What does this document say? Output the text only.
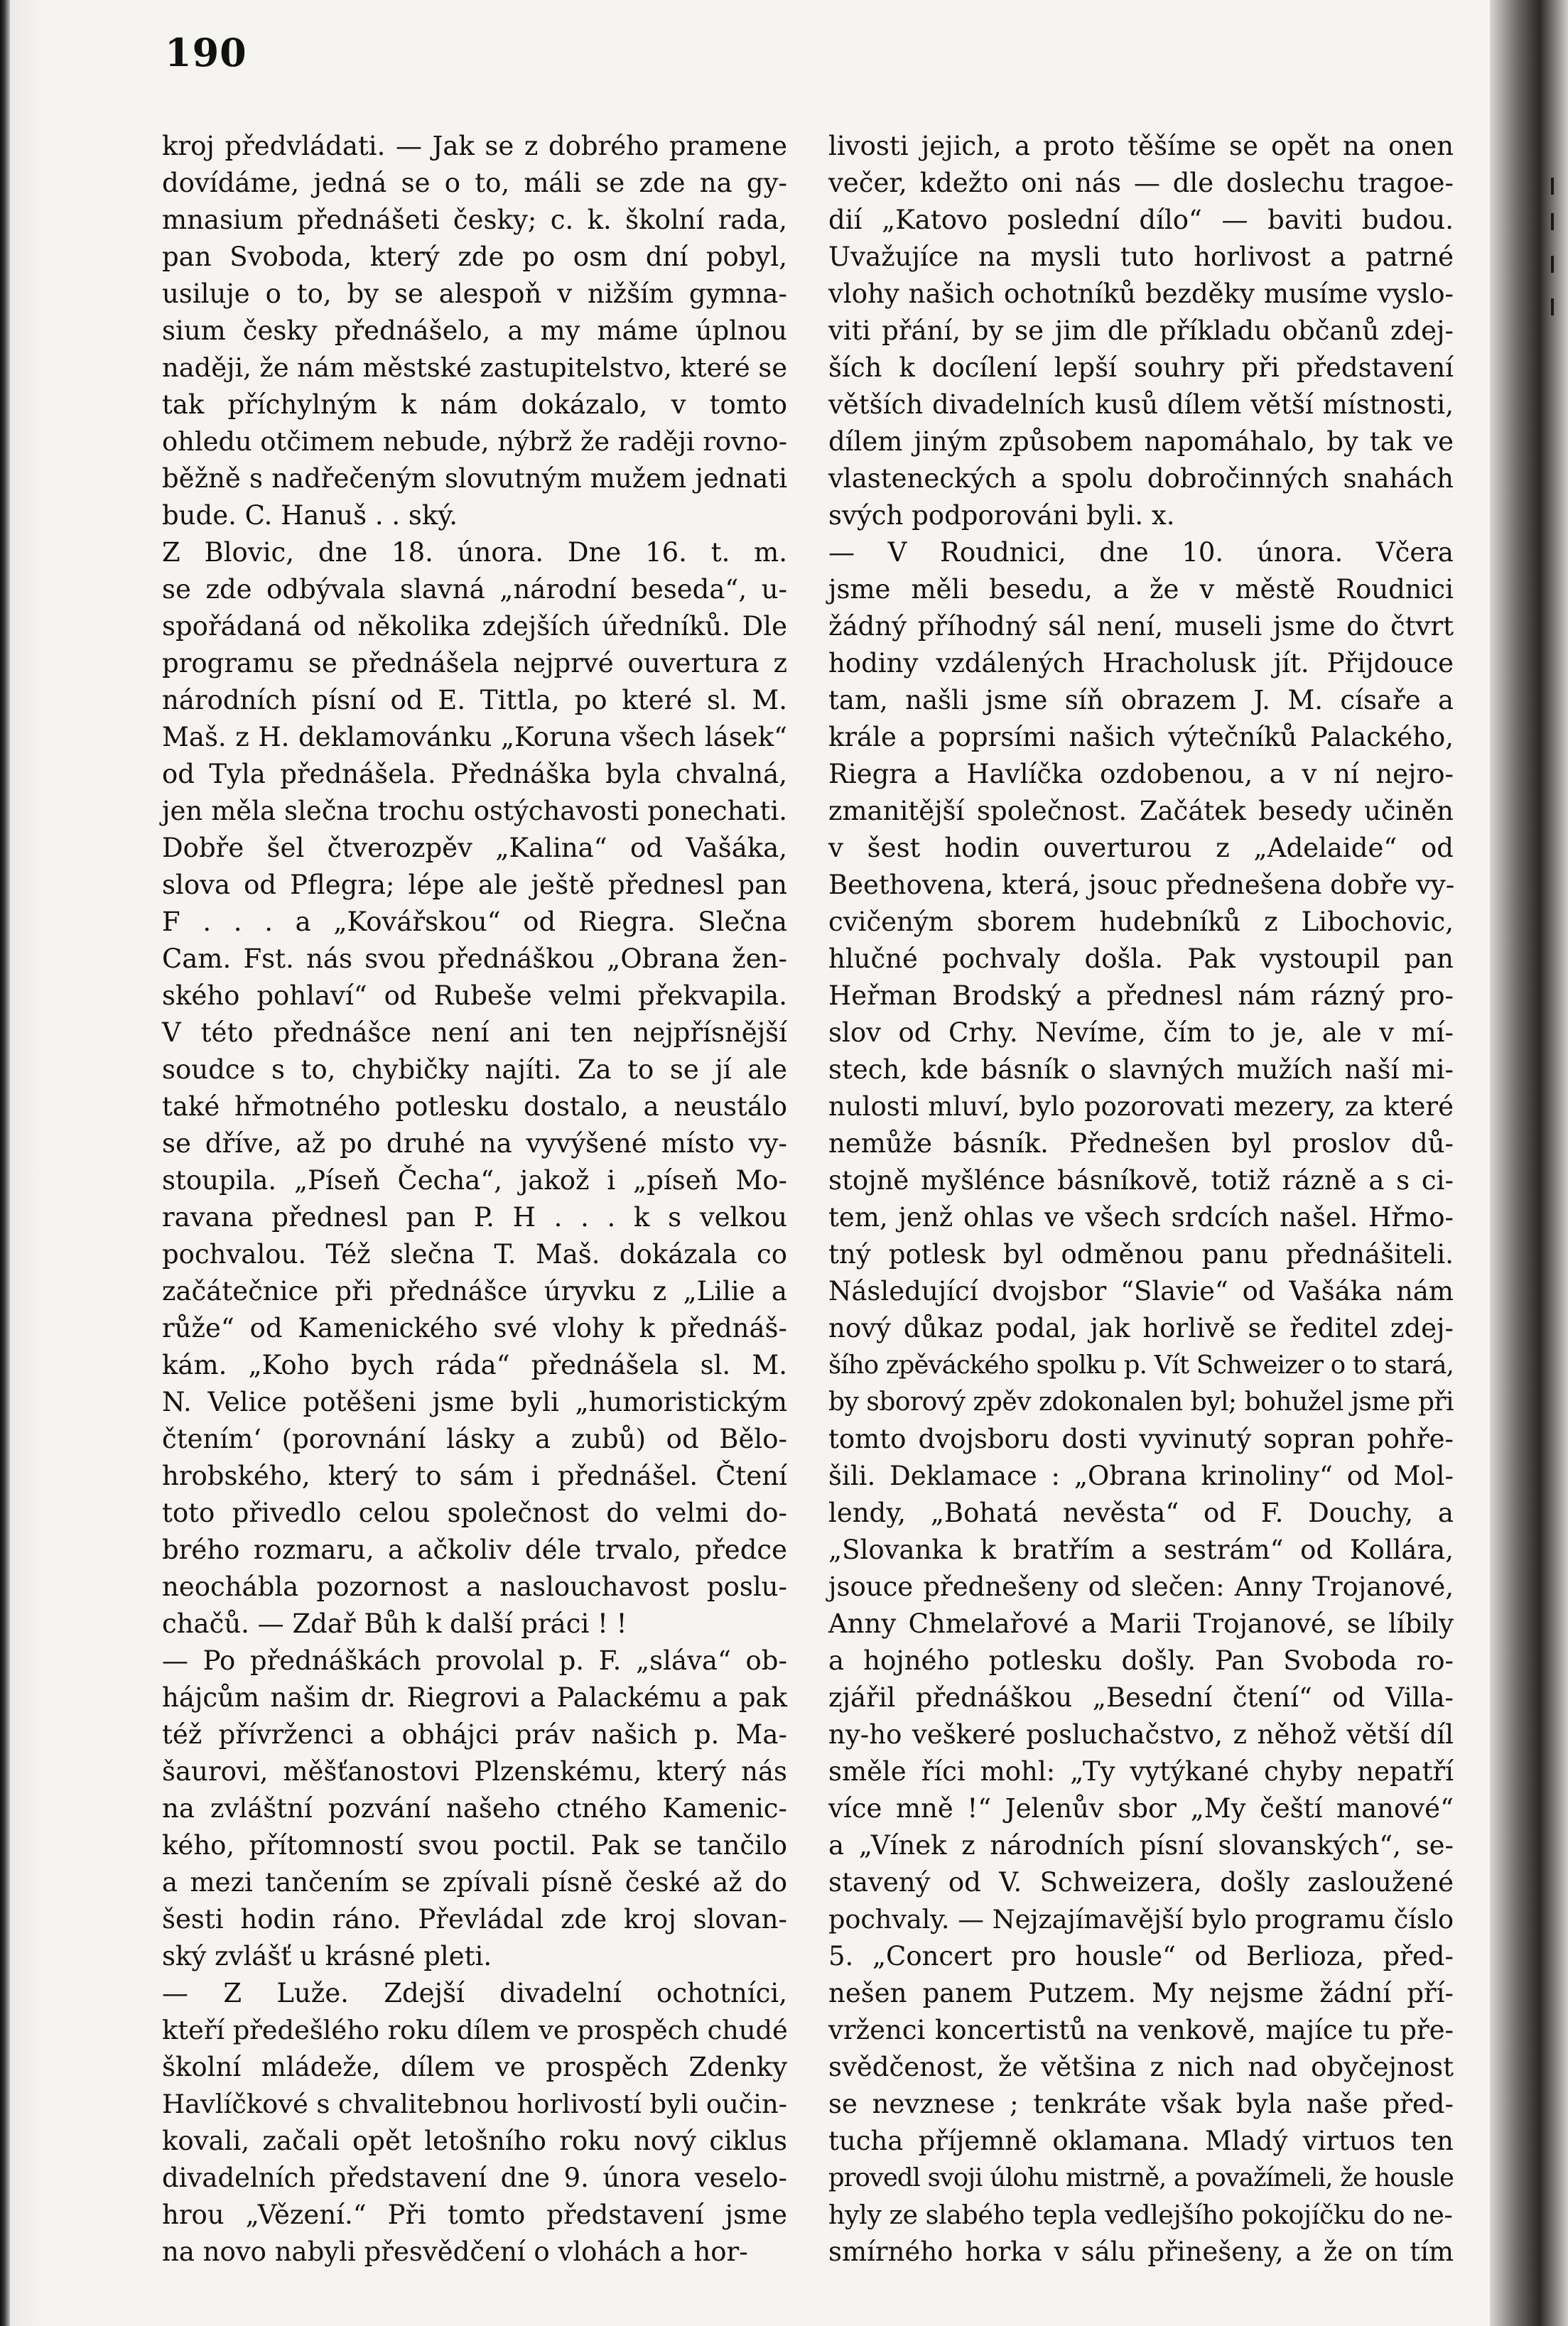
190
kroj předvládati. — Jak se z dobrého pramene
dovídáme, jedná se o to, máli se zde na gy-
mnasium přednášeti česky; c. k. školní rada,
pan Svoboda, který zde po osm dní pobyl,
usiluje o to, by se alespoň v nižším gymna-
sium česky přednášelo, a my máme úplnou
naději, že nám městské zastupitelstvo, které se
tak příchylným k nám dokázalo, v tomto
ohledu otčimem nebude, nýbrž že raději rovno-
běžně s nadřečeným slovutným mužem jednati
bude. C. Hanuš . . ský.
Z Blovic, dne 18. února. Dne 16. t. m.
se zde odbývala slavná „národní beseda“, u-
spořádaná od několika zdejších úředníků. Dle
programu se přednášela nejprvé ouvertura z
národních písní od E. Tittla, po které sl. M.
Maš. z H. deklamovánku „Koruna všech lásek“
od Tyla přednášela. Přednáška byla chvalná,
jen měla slečna trochu ostýchavosti ponechati.
Dobře šel čtverozpěv „Kalina“ od Vašáka,
slova od Pflegra; lépe ale ještě přednesl pan
F . . . a „Kovářskou“ od Riegra. Slečna
Cam. Fst. nás svou přednáškou „Obrana žen-
ského pohlaví“ od Rubeše velmi překvapila.
V této přednášce není ani ten nejpřísnější
soudce s to, chybičky najíti. Za to se jí ale
také hřmotného potlesku dostalo, a neustálo
se dříve, až po druhé na vyvýšené místo vy-
stoupila. „Píseň Čecha“, jakož i „píseň Mo-
ravana přednesl pan P. H . . . k s velkou
pochvalou. Též slečna T. Maš. dokázala co
začátečnice při přednášce úryvku z „Lilie a
růže“ od Kamenického své vlohy k přednáš-
kám. „Koho bych ráda“ přednášela sl. M.
N. Velice potěšeni jsme byli „humoristickým
čtením‘ (porovnání lásky a zubů) od Bělo-
hrobského, který to sám i přednášel. Čtení
toto přivedlo celou společnost do velmi do-
brého rozmaru, a ačkoliv déle trvalo, předce
neochábla pozornost a naslouchavost poslu-
chačů. — Zdař Bůh k další práci ! !
— Po přednáškách provolal p. F. „sláva“ ob-
hájcům našim dr. Riegrovi a Palackému a pak
též přívrženci a obhájci práv našich p. Ma-
šaurovi, měšťanostovi Plzenskému, který nás
na zvláštní pozvání našeho ctného Kamenic-
kého, přítomností svou poctil. Pak se tančilo
a mezi tančením se zpívali písně české až do
šesti hodin ráno. Převládal zde kroj slovan-
ský zvlášť u krásné pleti.
— Z Luže. Zdejší divadelní ochotníci,
kteří předešlého roku dílem ve prospěch chudé
školní mládeže, dílem ve prospěch Zdenky
Havlíčkové s chvalitebnou horlivostí byli oučin-
kovali, začali opět letošního roku nový ciklus
divadelních představení dne 9. února veselo-
hrou „Vězení.“ Při tomto představení jsme
na novo nabyli přesvědčení o vlohách a hor-
livosti jejich, a proto těšíme se opět na onen
večer, kdežto oni nás — dle doslechu tragoe-
dií „Katovo poslední dílo“ — baviti budou.
Uvažujíce na mysli tuto horlivost a patrné
vlohy našich ochotníků bezděky musíme vyslo-
viti přání, by se jim dle příkladu občanů zdej-
ších k docílení lepší souhry při představení
větších divadelních kusů dílem větší místnosti,
dílem jiným způsobem napomáhalo, by tak ve
vlasteneckých a spolu dobročinných snahách
svých podporováni byli. x.
— V Roudnici, dne 10. února. Včera
jsme měli besedu, a že v městě Roudnici
žádný příhodný sál není, museli jsme do čtvrt
hodiny vzdálených Hracholusk jít. Přijdouce
tam, našli jsme síň obrazem J. M. císaře a
krále a poprsími našich výtečníků Palackého,
Riegra a Havlíčka ozdobenou, a v ní nejro-
zmanitější společnost. Začátek besedy učiněn
v šest hodin ouverturou z „Adelaide“ od
Beethovena, která, jsouc přednešena dobře vy-
cvičeným sborem hudebníků z Libochovic,
hlučné pochvaly došla. Pak vystoupil pan
Heřman Brodský a přednesl nám rázný pro-
slov od Crhy. Nevíme, čím to je, ale v mí-
stech, kde básník o slavných mužích naší mi-
nulosti mluví, bylo pozorovati mezery, za které
nemůže básník. Přednešen byl proslov dů-
stojně myšlénce básníkově, totiž rázně a s ci-
tem, jenž ohlas ve všech srdcích našel. Hřmo-
tný potlesk byl odměnou panu přednášiteli.
Následující dvojsbor “Slavie“ od Vašáka nám
nový důkaz podal, jak horlivě se ředitel zdej-
šího zpěváckého spolku p. Vít Schweizer o to stará,
by sborový zpěv zdokonalen byl; bohužel jsme při
tomto dvojsboru dosti vyvinutý sopran pohře-
šili. Deklamace : „Obrana krinoliny“ od Mol-
lendy, „Bohatá nevěsta“ od F. Douchy, a
„Slovanka k bratřím a sestrám“ od Kollára,
jsouce přednešeny od slečen: Anny Trojanové,
Anny Chmelařové a Marii Trojanové, se líbily
a hojného potlesku došly. Pan Svoboda ro-
zjářil přednáškou „Besední čtení“ od Villa-
ny-ho veškeré posluchačstvo, z něhož větší díl
směle říci mohl: „Ty vytýkané chyby nepatří
více mně !“ Jelenův sbor „My čeští manové“
a „Vínek z národních písní slovanských“, se-
stavený od V. Schweizera, došly zasloužené
pochvaly. — Nejzajímavější bylo programu číslo
5. „Concert pro housle“ od Berlioza, před-
nešen panem Putzem. My nejsme žádní pří-
vrženci koncertistů na venkově, majíce tu pře-
svědčenost, že většina z nich nad obyčejnost
se nevznese ; tenkráte však byla naše před-
tucha příjemně oklamana. Mladý virtuos ten
provedl svoji úlohu mistrně, a považímeli, že housle
hyly ze slabého tepla vedlejšího pokojíčku do ne-
smírného horka v sálu přinešeny, a že on tím
